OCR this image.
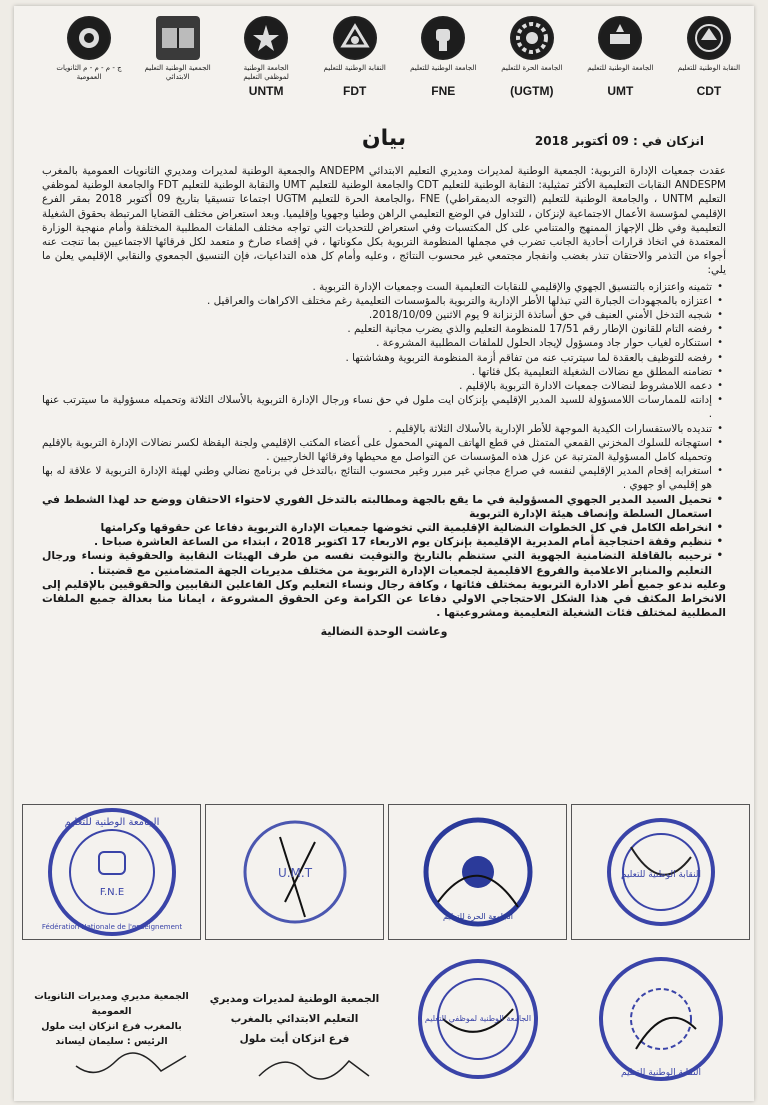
النقابة الوطنية للتعليم
CDT
الجامعة الوطنية للتعليم
UMT
الجامعة الحرة للتعليم
(UGTM)
الجامعة الوطنية للتعليم
FNE
النقابة الوطنية للتعليم
FDT
الجامعة الوطنية لموظفي التعليم
UNTM
الجمعية الوطنية التعليم الابتدائي
ج - م - م - م الثانويات العمومية
بيان	انزكان في : 09 أكتوبر 2018

عقدت جمعيات الإدارة التربوية: الجمعية الوطنية لمديرات ومديري التعليم الابتدائي ANDEPM والجمعية الوطنية لمديرات ومديري الثانويات العمومية بالمغرب ANDESPM النقابات التعليمية الأكثر تمثيلية: النقابة الوطنية للتعليم CDT والجامعة الوطنية للتعليم UMT والنقابة الوطنية للتعليم FDT والجامعة الوطنية لموظفي التعليم UNTM ، والجامعة الوطنية للتعليم (التوجه الديمقراطي) FNE ،والجامعة الحرة للتعليم UGTM اجتماعا تنسيقيا بتاريخ 09 أكتوبر 2018 بمقر الفرع الإقليمي لمؤسسة الأعمال الاجتماعية لإنزكان ، للتداول في الوضع التعليمي الراهن وطنيا وجهويا وإقليميا. وبعد استعراض مختلف القضايا المرتبطة بحقوق الشغيلة التعليمية وفي ظل الإجهاز الممنهج والمتنامي على كل المكتسبات وفي استعراض للتحديات التي تواجه مختلف الملفات المطلبية المختلفة وأمام منهجية الوزارة المعتمدة في اتخاذ قرارات أحادية الجانب تضرب في مجملها المنظومة التربوية بكل مكوناتها ، في إقصاء صارخ و متعمد لكل فرقائها الاجتماعيين بما تنجت عنه أجواء من التذمر والاحتقان تنذر بغضب وانفجار مجتمعي غير محسوب النتائج ، وعليه وأمام كل هذه التداعيات، فإن التنسيق الجمعوي والنقابي الإقليمي يعلن ما يلي:

• تثمينه واعتزازه بالتنسيق الجهوي والإقليمي للنقابات التعليمية الست وجمعيات الإدارة التربوية .
• اعتزازه بالمجهودات الجبارة التي تبذلها الأطر الإدارية والتربوية بالمؤسسات التعليمية رغم مختلف الاكراهات والعراقيل .
• شجبه التدخل الأمني العنيف في حق أساتذة الزنزانة 9 يوم الاثنين 2018/10/09.
• رفضه التام للقانون الإطار رقم 17/51 للمنظومة التعليم والذي يضرب مجانية التعليم .
• استنكاره لغياب حوار جاد ومسؤول لإيجاد الحلول للملفات المطلبية المشروعة .
• رفضه للتوظيف بالعقدة لما سيترتب عنه من تفاقم أزمة المنظومة التربوية وهشاشتها .
• تضامنه المطلق مع نضالات الشغيلة التعليمية بكل فئاتها .
• دعمه اللامشروط لنضالات جمعيات الادارة التربوية بالإقليم .
• إدانته للممارسات اللامسؤولة للسيد المدير الإقليمي بإنزكان ايت ملول في حق نساء ورجال الإدارة التربوية بالأسلاك الثلاثة وتحميله مسؤولية ما سيترتب عنها .
• تنديده بالاستفسارات الكيدية الموجهة للأطر الإدارية بالأسلاك الثلاثة بالإقليم .
• استهجانه للسلوك المخزني القمعي المتمثل في قطع الهاتف المهني المحمول على أعضاء المكتب الإقليمي ولجنة اليقظة لكسر نضالات الإدارة التربوية بالإقليم وتحميله كامل المسؤولية المترتبة عن عزل هذه المؤسسات عن التواصل مع محيطها وفرقائها الخارجيين .
• استغرابه إقحام المدير الإقليمي لنفسه في صراع مجاني غير مبرر وغير محسوب النتائج ،بالتدخل في برنامج نضالي وطني لهيئة الإدارة التربوية لا علاقة له بها هو إقليمي او جهوي .
• تحميل السيد المدير الجهوي المسؤولية في ما يقع بالجهة ومطالبته بالتدخل الفوري لاحتواء الاحتقان ووضع حد لهذا الشطط في استعمال السلطة وإنصاف هيئة الإدارة التربوية
• انخراطه الكامل في كل الخطوات النضالية الإقليمية التي تخوضها جمعيات الإدارة التربوية دفاعا عن حقوقها وكرامتها
• تنظيم وقفة احتجاجية أمام المديرية الإقليمية بإنزكان يوم الاربعاء 17 اكتوبر 2018 ، ابتداء من الساعة العاشرة صباحا .
• ترحيبه بالقافلة التضامنية الجهوية التي ستنظم بالتاريخ والتوقيت نفسه من طرف الهيئات النقابية والحقوقية ونساء ورجال التعليم والمنابر الاعلامية والفروع الاقليمية لجمعيات الإدارة التربوية من مختلف مديريات الجهة المتضامنين مع قضيتنا .

وعليه ندعو جميع أطر الادارة التربوية بمختلف فئاتها ، وكافة رجال ونساء التعليم وكل الفاعلين النقابيين والحقوقيين بالإقليم إلى الانخراط المكثف في هذا الشكل الاحتجاجي الاولي دفاعا عن الكرامة وعن الحقوق المشروعة ، ايمانا منا بعدالة جميع الملفات المطلبية لمختلف فئات الشغيلة التعليمية ومشروعيتها .

وعاشت الوحدة النضالية
النقابة الوطنية للتعليم
الجامعة الحرة للتعليم
U.M.T
الجامعة الوطنية للتعليم
F.N.E
Fédération Nationale de l'enseignement
النقابة الوطنية للتعليم
الجامعة الوطنية لموظفي التعليم
الجمعية الوطنية لمديرات ومديري
التعليم الابتدائي بالمغرب
فرع انزكان أيت ملول
الجمعية مديري ومديرات الثانويات العمومية
بالمغرب فرع انزكان ايت ملول
الرئيس : سليمان ليساند
